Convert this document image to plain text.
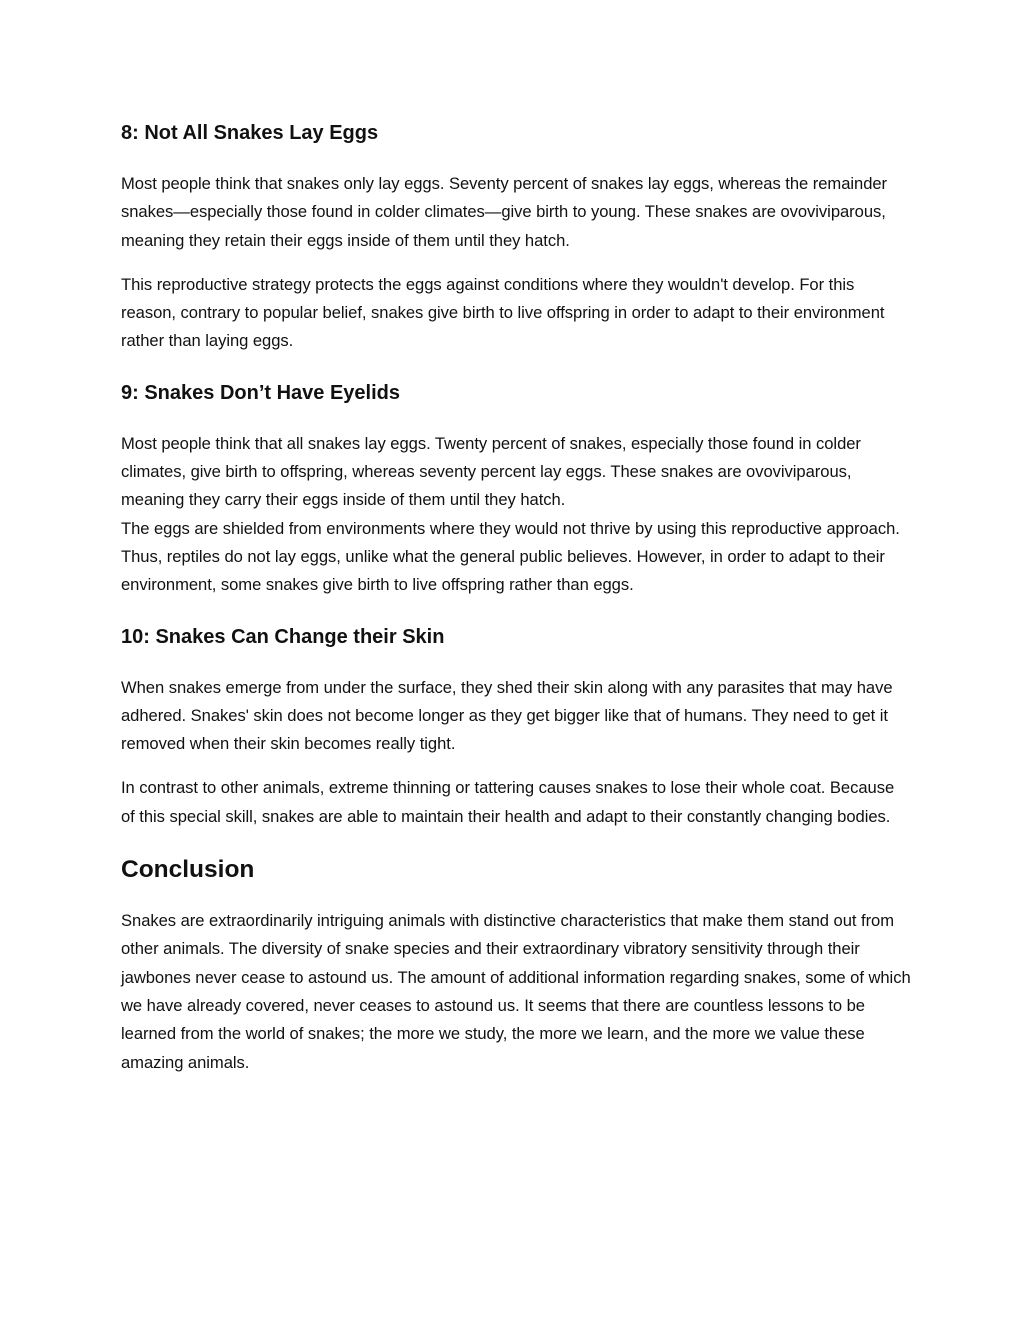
8: Not All Snakes Lay Eggs

Most people think that snakes only lay eggs. Seventy percent of snakes lay eggs, whereas the remainder snakes—especially those found in colder climates—give birth to young. These snakes are ovoviviparous, meaning they retain their eggs inside of them until they hatch.

This reproductive strategy protects the eggs against conditions where they wouldn't develop. For this reason, contrary to popular belief, snakes give birth to live offspring in order to adapt to their environment rather than laying eggs.

9: Snakes Don’t Have Eyelids

Most people think that all snakes lay eggs. Twenty percent of snakes, especially those found in colder climates, give birth to offspring, whereas seventy percent lay eggs. These snakes are ovoviviparous, meaning they carry their eggs inside of them until they hatch.
The eggs are shielded from environments where they would not thrive by using this reproductive approach. Thus, reptiles do not lay eggs, unlike what the general public believes. However, in order to adapt to their environment, some snakes give birth to live offspring rather than eggs.

10: Snakes Can Change their Skin

When snakes emerge from under the surface, they shed their skin along with any parasites that may have adhered. Snakes' skin does not become longer as they get bigger like that of humans. They need to get it removed when their skin becomes really tight.

In contrast to other animals, extreme thinning or tattering causes snakes to lose their whole coat. Because of this special skill, snakes are able to maintain their health and adapt to their constantly changing bodies.

Conclusion

Snakes are extraordinarily intriguing animals with distinctive characteristics that make them stand out from other animals. The diversity of snake species and their extraordinary vibratory sensitivity through their jawbones never cease to astound us. The amount of additional information regarding snakes, some of which we have already covered, never ceases to astound us. It seems that there are countless lessons to be learned from the world of snakes; the more we study, the more we learn, and the more we value these amazing animals.
